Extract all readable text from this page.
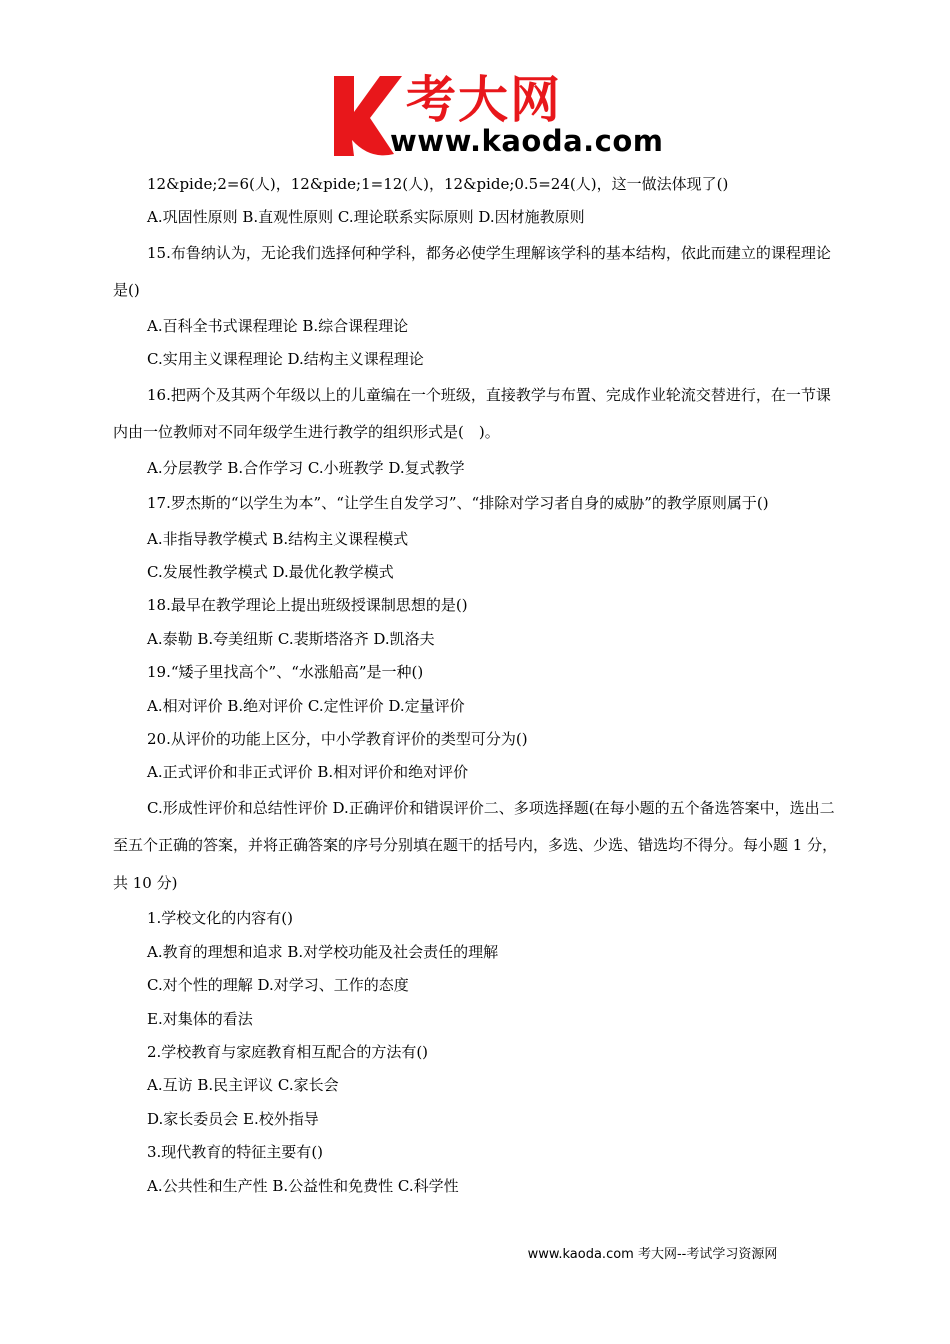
考大网
www.kaoda.com

12&pide;2=6(人)，12&pide;1=12(人)，12&pide;0.5=24(人)，这一做法体现了()

A.巩固性原则 B.直观性原则 C.理论联系实际原则 D.因材施教原则

15.布鲁纳认为，无论我们选择何种学科，都务必使学生理解该学科的基本结构，依此而建立的课程理论是()

A.百科全书式课程理论 B.综合课程理论

C.实用主义课程理论 D.结构主义课程理论

16.把两个及其两个年级以上的儿童编在一个班级，直接教学与布置、完成作业轮流交替进行，在一节课内由一位教师对不同年级学生进行教学的组织形式是(　)。

A.分层教学 B.合作学习 C.小班教学 D.复式教学

17.罗杰斯的“以学生为本”、“让学生自发学习”、“排除对学习者自身的威胁”的教学原则属于()

A.非指导教学模式 B.结构主义课程模式

C.发展性教学模式 D.最优化教学模式

18.最早在教学理论上提出班级授课制思想的是()

A.泰勒 B.夸美纽斯 C.裴斯塔洛齐 D.凯洛夫

19.“矮子里找高个”、“水涨船高”是一种()

A.相对评价 B.绝对评价 C.定性评价 D.定量评价

20.从评价的功能上区分，中小学教育评价的类型可分为()

A.正式评价和非正式评价 B.相对评价和绝对评价

C.形成性评价和总结性评价 D.正确评价和错误评价二、多项选择题(在每小题的五个备选答案中，选出二至五个正确的答案，并将正确答案的序号分别填在题干的括号内，多选、少选、错选均不得分。每小题 1 分，共 10 分)

1.学校文化的内容有()

A.教育的理想和追求 B.对学校功能及社会责任的理解

C.对个性的理解 D.对学习、工作的态度

E.对集体的看法

2.学校教育与家庭教育相互配合的方法有()

A.互访 B.民主评议 C.家长会

D.家长委员会 E.校外指导

3.现代教育的特征主要有()

A.公共性和生产性 B.公益性和免费性 C.科学性

www.kaoda.com 考大网--考试学习资源网
